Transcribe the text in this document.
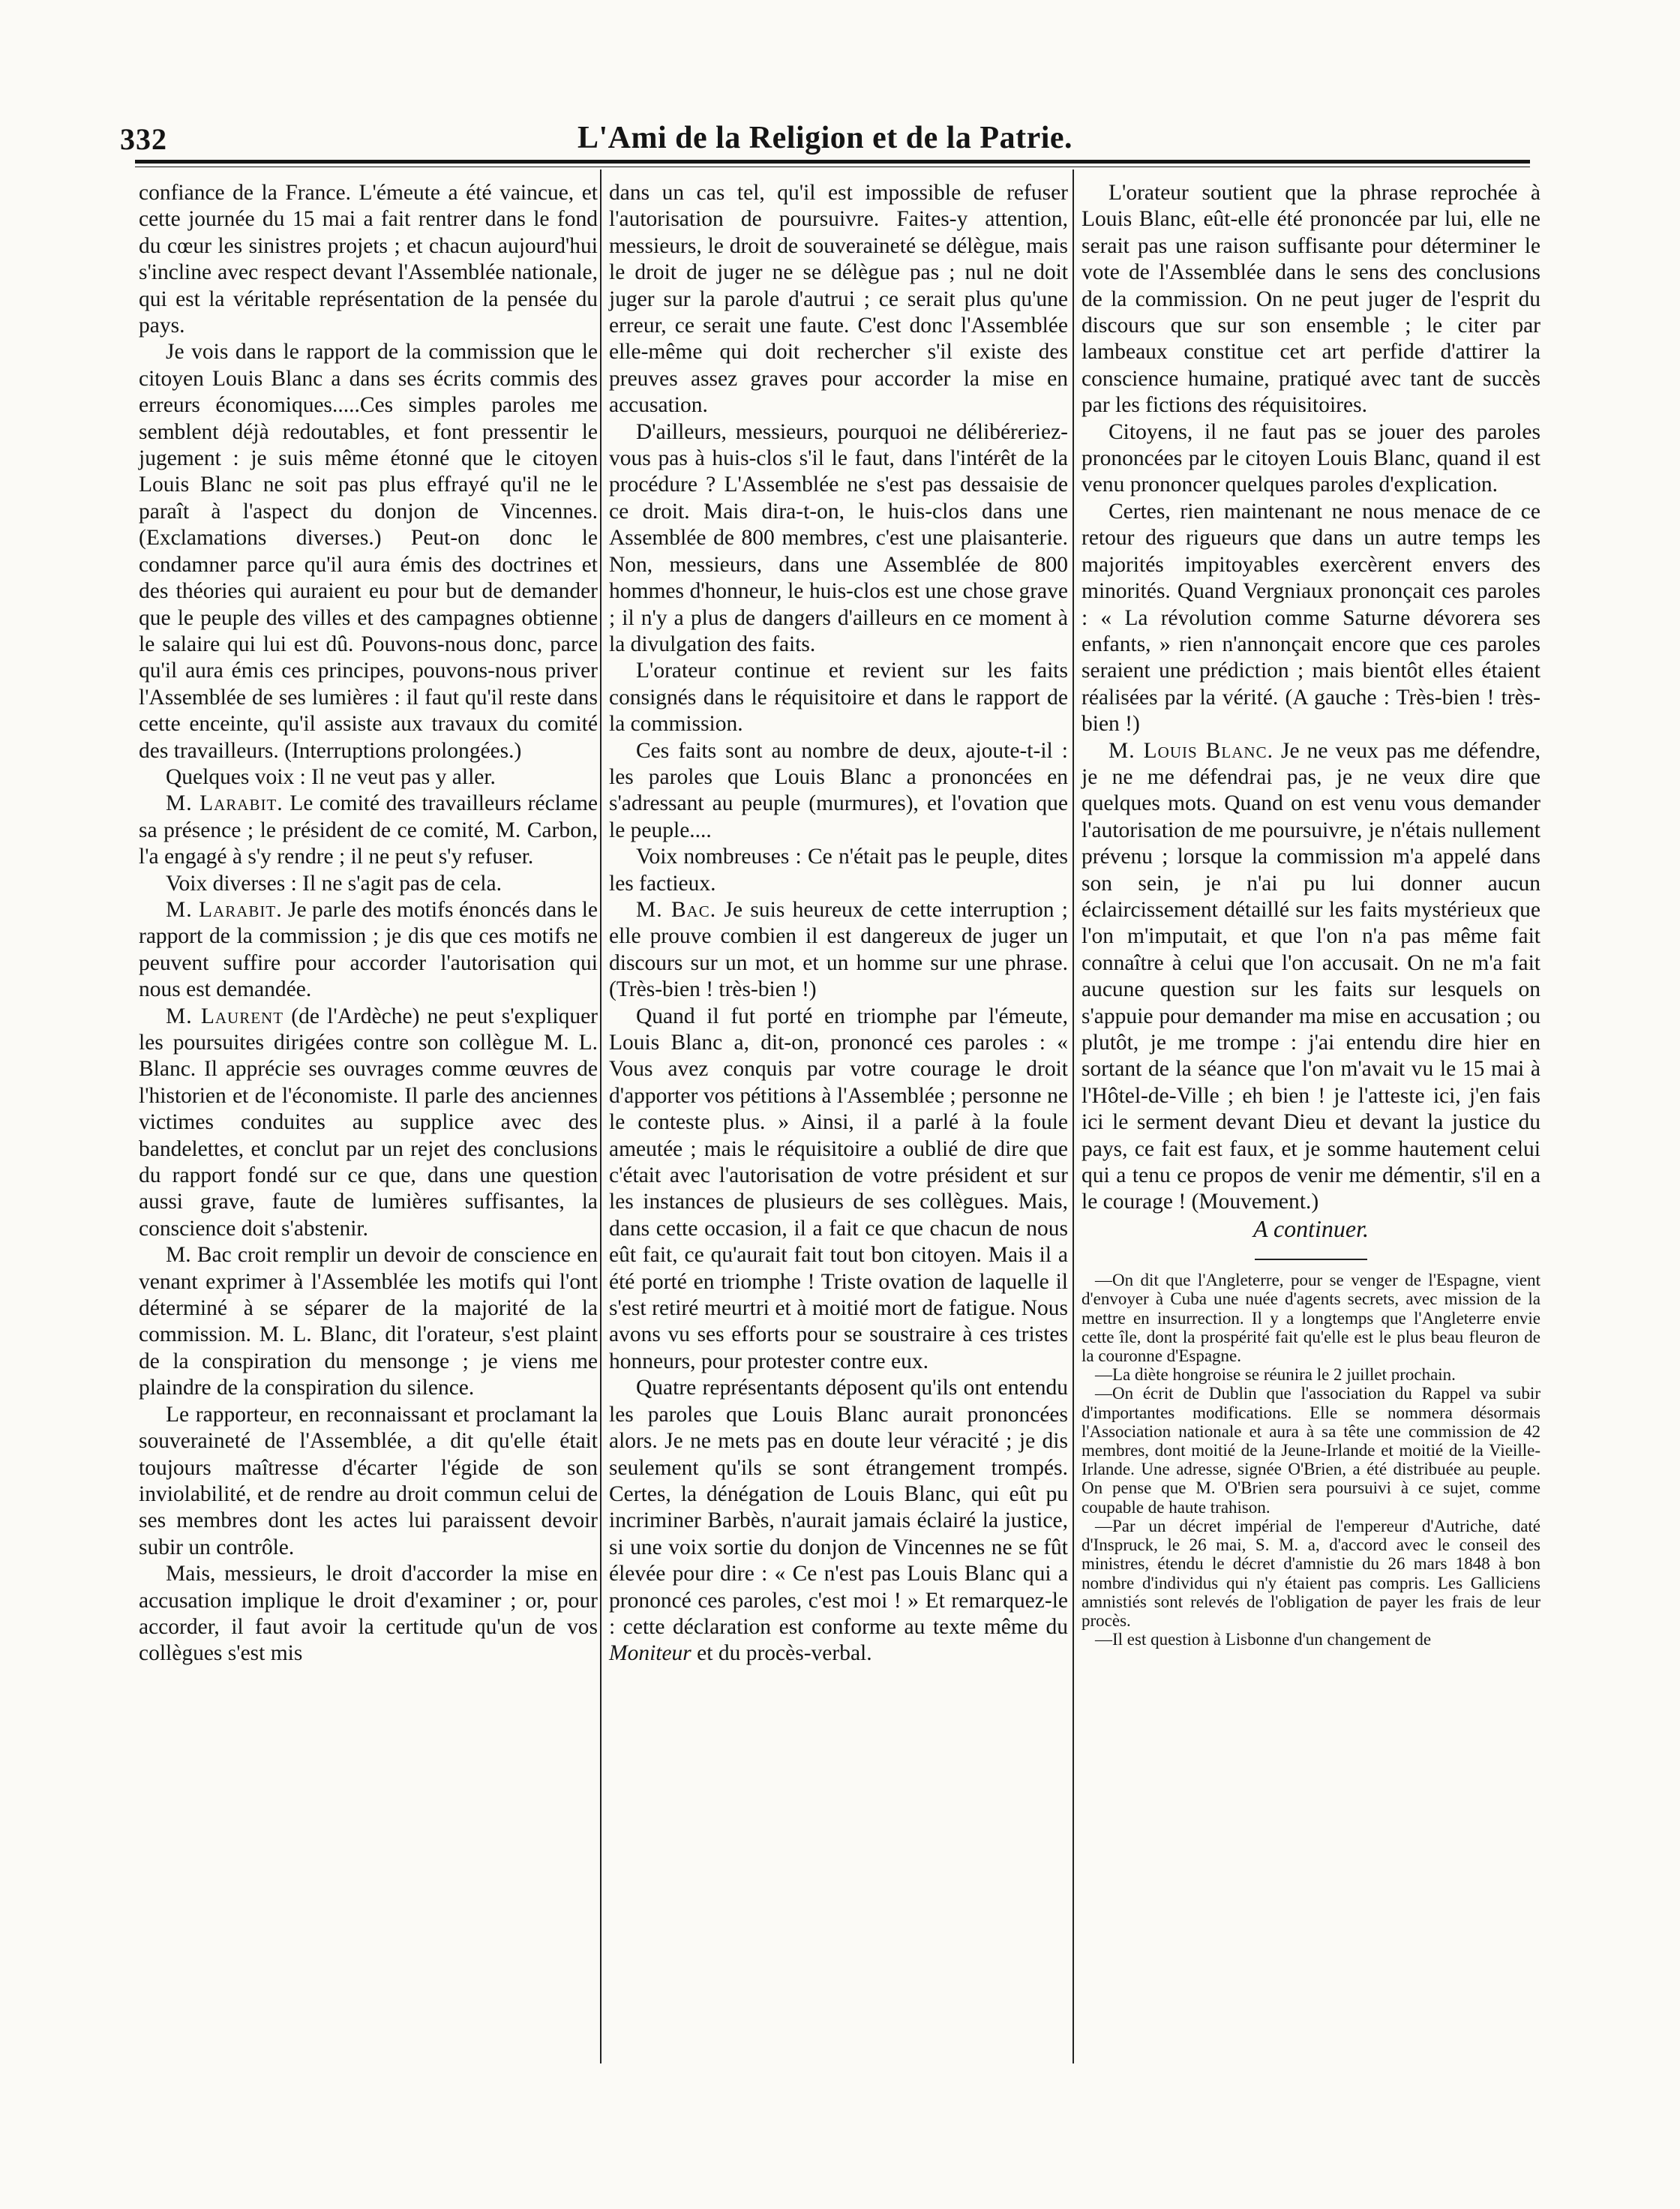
332	L'Ami de la Religion et de la Patrie.

confiance de la France. L'émeute a été vaincue, et cette journée du 15 mai a fait rentrer dans le fond du cœur les sinistres projets ; et chacun aujourd'hui s'incline avec respect devant l'Assemblée nationale, qui est la véritable représentation de la pensée du pays.

Je vois dans le rapport de la commission que le citoyen Louis Blanc a dans ses écrits commis des erreurs économiques.....Ces simples paroles me semblent déjà redoutables, et font pressentir le jugement : je suis même étonné que le citoyen Louis Blanc ne soit pas plus effrayé qu'il ne le paraît à l'aspect du donjon de Vincennes. (Exclamations diverses.) Peut-on donc le condamner parce qu'il aura émis des doctrines et des théories qui auraient eu pour but de demander que le peuple des villes et des campagnes obtienne le salaire qui lui est dû. Pouvons-nous donc, parce qu'il aura émis ces principes, pouvons-nous priver l'Assemblée de ses lumières : il faut qu'il reste dans cette enceinte, qu'il assiste aux travaux du comité des travailleurs. (Interruptions prolongées.)

Quelques voix : Il ne veut pas y aller.

M. Larabit. Le comité des travailleurs réclame sa présence ; le président de ce comité, M. Carbon, l'a engagé à s'y rendre ; il ne peut s'y refuser.

Voix diverses : Il ne s'agit pas de cela.

M. Larabit. Je parle des motifs énoncés dans le rapport de la commission ; je dis que ces motifs ne peuvent suffire pour accorder l'autorisation qui nous est demandée.

M. Laurent (de l'Ardèche) ne peut s'expliquer les poursuites dirigées contre son collègue M. L. Blanc. Il apprécie ses ouvrages comme œuvres de l'historien et de l'économiste. Il parle des anciennes victimes conduites au supplice avec des bandelettes, et conclut par un rejet des conclusions du rapport fondé sur ce que, dans une question aussi grave, faute de lumières suffisantes, la conscience doit s'abstenir.

M. Bac croit remplir un devoir de conscience en venant exprimer à l'Assemblée les motifs qui l'ont déterminé à se séparer de la majorité de la commission. M. L. Blanc, dit l'orateur, s'est plaint de la conspiration du mensonge ; je viens me plaindre de la conspiration du silence.

Le rapporteur, en reconnaissant et proclamant la souveraineté de l'Assemblée, a dit qu'elle était toujours maîtresse d'écarter l'égide de son inviolabilité, et de rendre au droit commun celui de ses membres dont les actes lui paraissent devoir subir un contrôle.

Mais, messieurs, le droit d'accorder la mise en accusation implique le droit d'examiner ; or, pour accorder, il faut avoir la certitude qu'un de vos collègues s'est mis

dans un cas tel, qu'il est impossible de refuser l'autorisation de poursuivre. Faites-y attention, messieurs, le droit de souveraineté se délègue, mais le droit de juger ne se délègue pas ; nul ne doit juger sur la parole d'autrui ; ce serait plus qu'une erreur, ce serait une faute. C'est donc l'Assemblée elle-même qui doit rechercher s'il existe des preuves assez graves pour accorder la mise en accusation.

D'ailleurs, messieurs, pourquoi ne délibéreriez-vous pas à huis-clos s'il le faut, dans l'intérêt de la procédure ? L'Assemblée ne s'est pas dessaisie de ce droit. Mais dira-t-on, le huis-clos dans une Assemblée de 800 membres, c'est une plaisanterie. Non, messieurs, dans une Assemblée de 800 hommes d'honneur, le huis-clos est une chose grave ; il n'y a plus de dangers d'ailleurs en ce moment à la divulgation des faits.

L'orateur continue et revient sur les faits consignés dans le réquisitoire et dans le rapport de la commission.

Ces faits sont au nombre de deux, ajoute-t-il : les paroles que Louis Blanc a prononcées en s'adressant au peuple (murmures), et l'ovation que le peuple....

Voix nombreuses : Ce n'était pas le peuple, dites les factieux.

M. Bac. Je suis heureux de cette interruption ; elle prouve combien il est dangereux de juger un discours sur un mot, et un homme sur une phrase. (Très-bien ! très-bien !)

Quand il fut porté en triomphe par l'émeute, Louis Blanc a, dit-on, prononcé ces paroles : « Vous avez conquis par votre courage le droit d'apporter vos pétitions à l'Assemblée ; personne ne le conteste plus. » Ainsi, il a parlé à la foule ameutée ; mais le réquisitoire a oublié de dire que c'était avec l'autorisation de votre président et sur les instances de plusieurs de ses collègues. Mais, dans cette occasion, il a fait ce que chacun de nous eût fait, ce qu'aurait fait tout bon citoyen. Mais il a été porté en triomphe ! Triste ovation de laquelle il s'est retiré meurtri et à moitié mort de fatigue. Nous avons vu ses efforts pour se soustraire à ces tristes honneurs, pour protester contre eux.

Quatre représentants déposent qu'ils ont entendu les paroles que Louis Blanc aurait prononcées alors. Je ne mets pas en doute leur véracité ; je dis seulement qu'ils se sont étrangement trompés. Certes, la dénégation de Louis Blanc, qui eût pu incriminer Barbès, n'aurait jamais éclairé la justice, si une voix sortie du donjon de Vincennes ne se fût élevée pour dire : « Ce n'est pas Louis Blanc qui a prononcé ces paroles, c'est moi ! » Et remarquez-le : cette déclaration est conforme au texte même du Moniteur et du procès-verbal.

L'orateur soutient que la phrase reprochée à Louis Blanc, eût-elle été prononcée par lui, elle ne serait pas une raison suffisante pour déterminer le vote de l'Assemblée dans le sens des conclusions de la commission. On ne peut juger de l'esprit du discours que sur son ensemble ; le citer par lambeaux constitue cet art perfide d'attirer la conscience humaine, pratiqué avec tant de succès par les fictions des réquisitoires.

Citoyens, il ne faut pas se jouer des paroles prononcées par le citoyen Louis Blanc, quand il est venu prononcer quelques paroles d'explication.

Certes, rien maintenant ne nous menace de ce retour des rigueurs que dans un autre temps les majorités impitoyables exercèrent envers des minorités. Quand Vergniaux prononçait ces paroles : « La révolution comme Saturne dévorera ses enfants, » rien n'annonçait encore que ces paroles seraient une prédiction ; mais bientôt elles étaient réalisées par la vérité. (A gauche : Très-bien ! très-bien !)

M. Louis Blanc. Je ne veux pas me défendre, je ne me défendrai pas, je ne veux dire que quelques mots. Quand on est venu vous demander l'autorisation de me poursuivre, je n'étais nullement prévenu ; lorsque la commission m'a appelé dans son sein, je n'ai pu lui donner aucun éclaircissement détaillé sur les faits mystérieux que l'on m'imputait, et que l'on n'a pas même fait connaître à celui que l'on accusait. On ne m'a fait aucune question sur les faits sur lesquels on s'appuie pour demander ma mise en accusation ; ou plutôt, je me trompe : j'ai entendu dire hier en sortant de la séance que l'on m'avait vu le 15 mai à l'Hôtel-de-Ville ; eh bien ! je l'atteste ici, j'en fais ici le serment devant Dieu et devant la justice du pays, ce fait est faux, et je somme hautement celui qui a tenu ce propos de venir me démentir, s'il en a le courage ! (Mouvement.)

A continuer.

—On dit que l'Angleterre, pour se venger de l'Espagne, vient d'envoyer à Cuba une nuée d'agents secrets, avec mission de la mettre en insurrection. Il y a longtemps que l'Angleterre envie cette île, dont la prospérité fait qu'elle est le plus beau fleuron de la couronne d'Espagne.

—La diète hongroise se réunira le 2 juillet prochain.

—On écrit de Dublin que l'association du Rappel va subir d'importantes modifications. Elle se nommera désormais l'Association nationale et aura à sa tête une commission de 42 membres, dont moitié de la Jeune-Irlande et moitié de la Vieille-Irlande. Une adresse, signée O'Brien, a été distribuée au peuple. On pense que M. O'Brien sera poursuivi à ce sujet, comme coupable de haute trahison.

—Par un décret impérial de l'empereur d'Autriche, daté d'Inspruck, le 26 mai, S. M. a, d'accord avec le conseil des ministres, étendu le décret d'amnistie du 26 mars 1848 à bon nombre d'individus qui n'y étaient pas compris. Les Galliciens amnistiés sont relevés de l'obligation de payer les frais de leur procès.

—Il est question à Lisbonne d'un changement de
